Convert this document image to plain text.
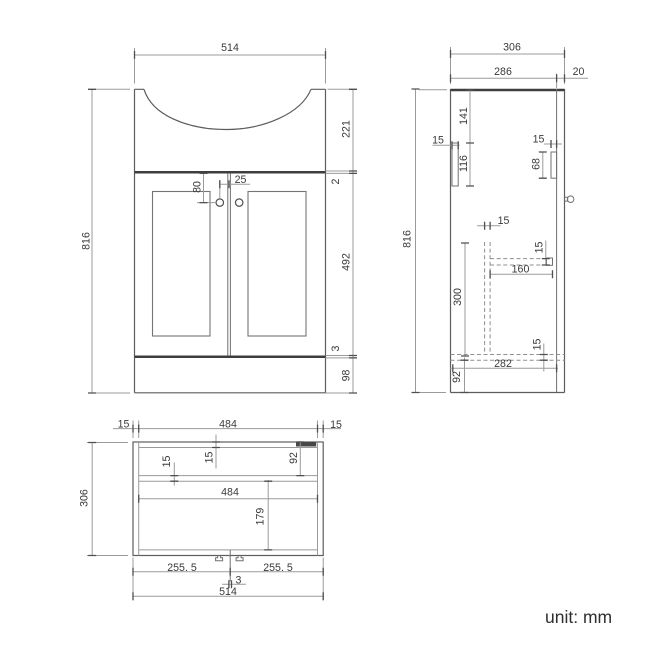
514
816
221
2
492
3
98
80
25
306
286	20
816
141
15
116
15
68
15
15
160
300
15
282
92
15	484	15
306
15	92
15
484
179
255. 5	255. 5
3
514
unit: mm
